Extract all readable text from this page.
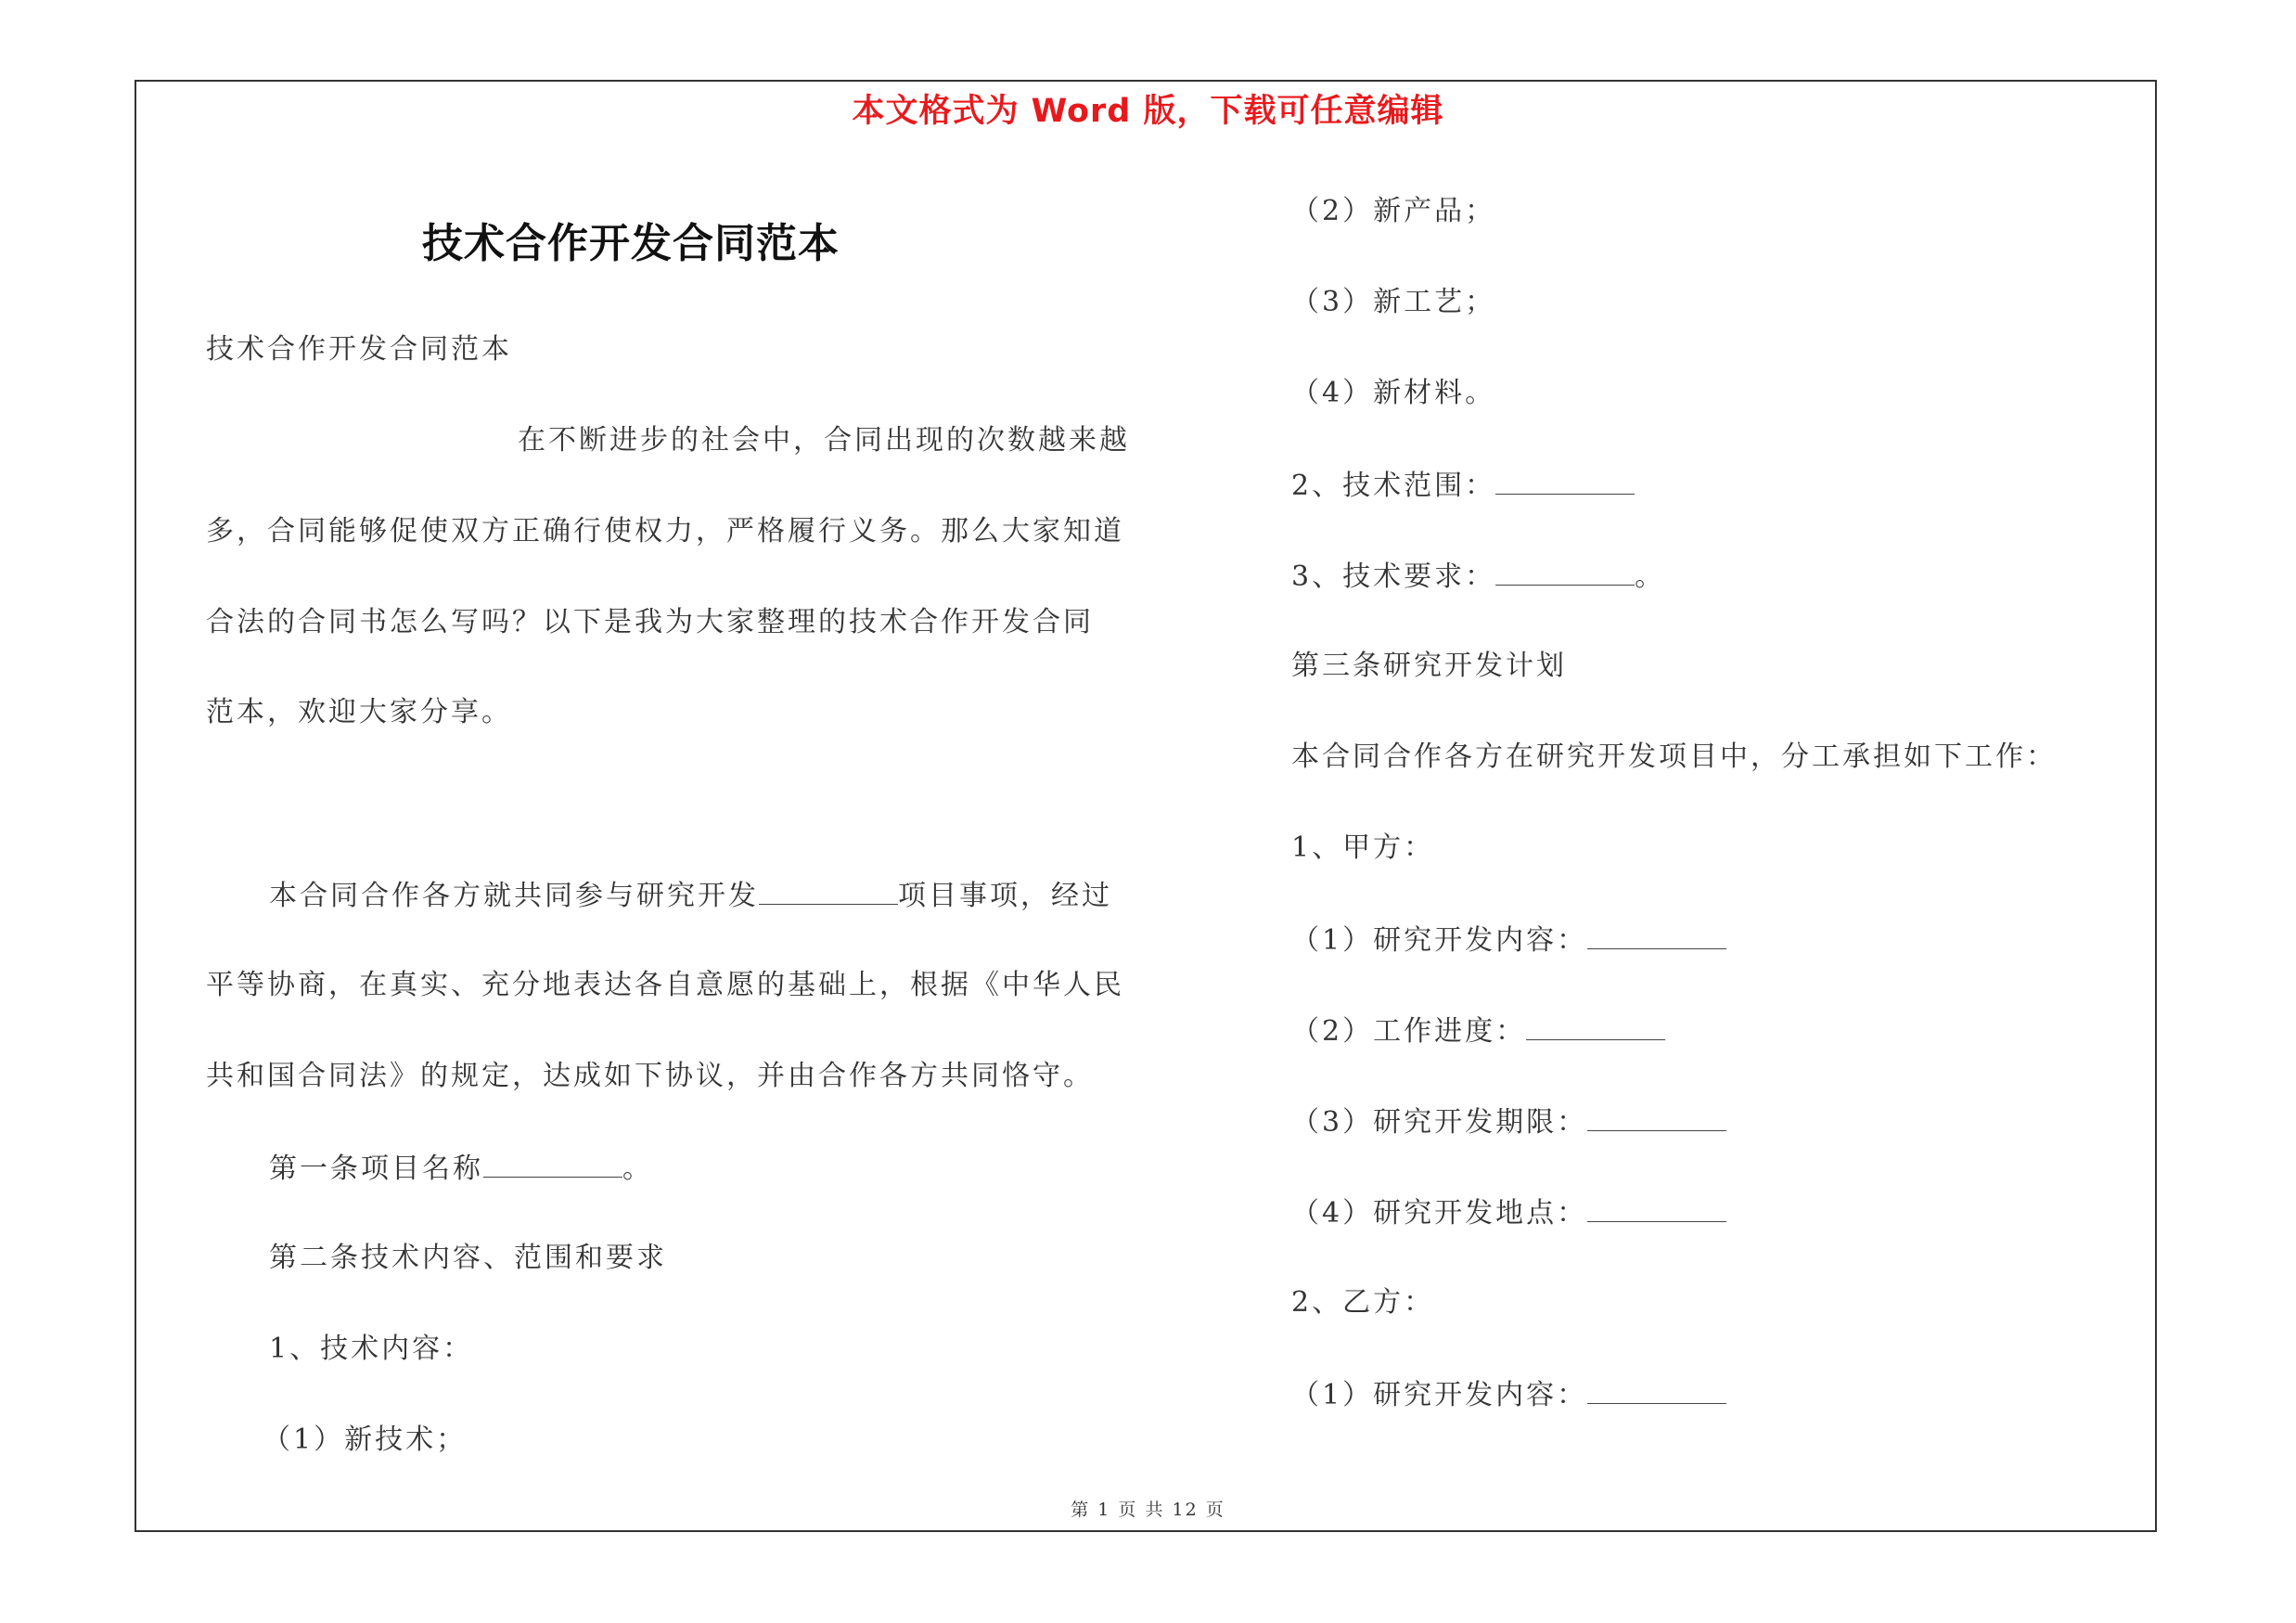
本文格式为 Word 版，下载可任意编辑
技术合作开发合同范本
技术合作开发合同范本
在不断进步的社会中，合同出现的次数越来越
多，合同能够促使双方正确行使权力，严格履行义务。那么大家知道
合法的合同书怎么写吗？以下是我为大家整理的技术合作开发合同
范本，欢迎大家分享。
本合同合作各方就共同参与研究开发	项目事项，经过
平等协商，在真实、充分地表达各自意愿的基础上，根据《中华人民
共和国合同法》的规定，达成如下协议，并由合作各方共同恪守。
第一条项目名称	。
第二条技术内容、范围和要求
1、技术内容：
（1）新技术；
（2）新产品；
（3）新工艺；
（4）新材料。
2、技术范围：
3、技术要求：	。
第三条研究开发计划
本合同合作各方在研究开发项目中，分工承担如下工作：
1、甲方：
（1）研究开发内容：
（2）工作进度：
（3）研究开发期限：
（4）研究开发地点：
2、乙方：
（1）研究开发内容：
第 1 页 共 12 页
